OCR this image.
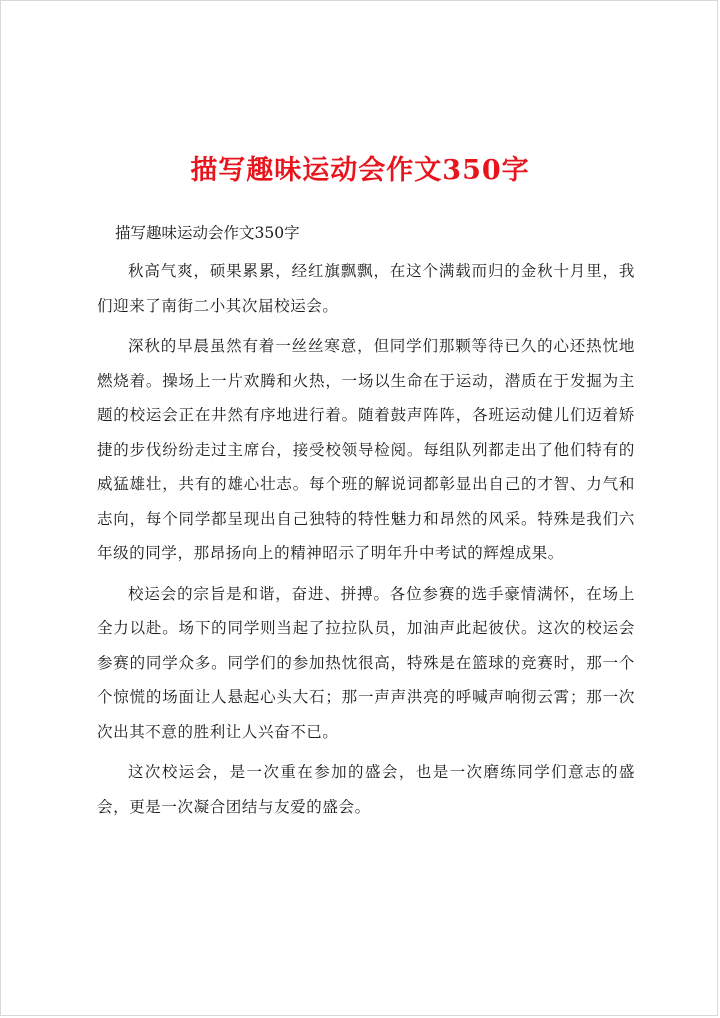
描写趣味运动会作文350字

描写趣味运动会作文350字

秋高气爽，硕果累累，经红旗飘飘，在这个满载而归的金秋十月里，我们迎来了南街二小其次届校运会。

深秋的早晨虽然有着一丝丝寒意，但同学们那颗等待已久的心还热忱地燃烧着。操场上一片欢腾和火热，一场以生命在于运动，潜质在于发掘为主题的校运会正在井然有序地进行着。随着鼓声阵阵，各班运动健儿们迈着矫捷的步伐纷纷走过主席台，接受校领导检阅。每组队列都走出了他们特有的威猛雄壮，共有的雄心壮志。每个班的解说词都彰显出自己的才智、力气和志向，每个同学都呈现出自己独特的特性魅力和昂然的风采。特殊是我们六年级的同学，那昂扬向上的精神昭示了明年升中考试的辉煌成果。

校运会的宗旨是和谐，奋进、拼搏。各位参赛的选手豪情满怀，在场上全力以赴。场下的同学则当起了拉拉队员，加油声此起彼伏。这次的校运会参赛的同学众多。同学们的参加热忱很高，特殊是在篮球的竞赛时，那一个个惊慌的场面让人悬起心头大石；那一声声洪亮的呼喊声响彻云霄；那一次次出其不意的胜利让人兴奋不已。

这次校运会，是一次重在参加的盛会，也是一次磨练同学们意志的盛会，更是一次凝合团结与友爱的盛会。
